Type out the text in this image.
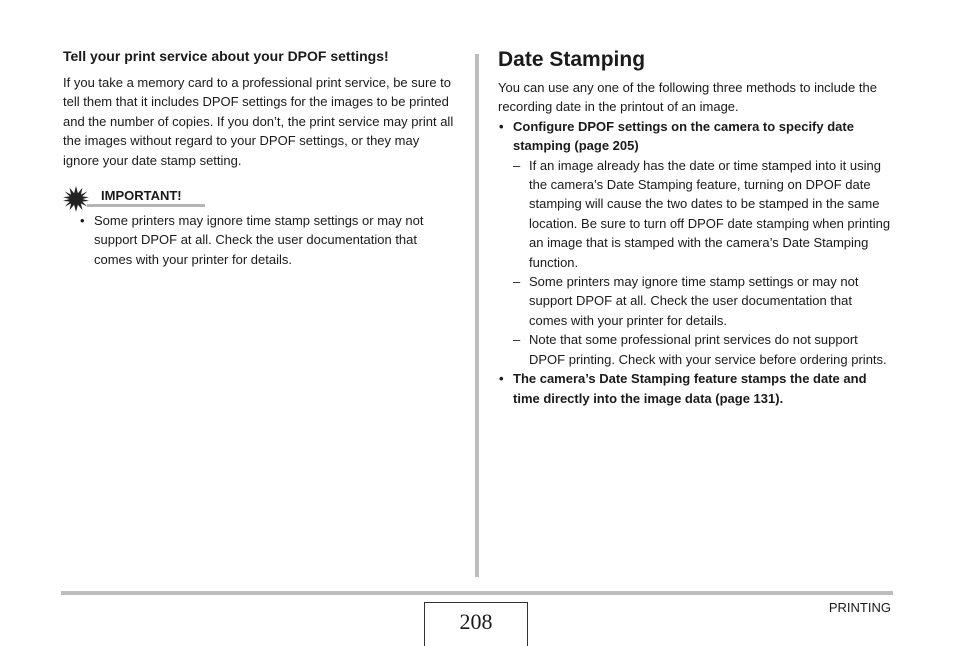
Tell your print service about your DPOF settings!

If you take a memory card to a professional print service, be sure to tell them that it includes DPOF settings for the images to be printed and the number of copies. If you don’t, the print service may print all the images without regard to your DPOF settings, or they may ignore your date stamp setting.

IMPORTANT!
• Some printers may ignore time stamp settings or may not support DPOF at all. Check the user documentation that comes with your printer for details.
Date Stamping

You can use any one of the following three methods to include the recording date in the printout of an image.

• Configure DPOF settings on the camera to specify date stamping (page 205)
– If an image already has the date or time stamped into it using the camera’s Date Stamping feature, turning on DPOF date stamping will cause the two dates to be stamped in the same location. Be sure to turn off DPOF date stamping when printing an image that is stamped with the camera’s Date Stamping function.
– Some printers may ignore time stamp settings or may not support DPOF at all. Check the user documentation that comes with your printer for details.
– Note that some professional print services do not support DPOF printing. Check with your service before ordering prints.
• The camera’s Date Stamping feature stamps the date and time directly into the image data (page 131).
208
PRINTING
